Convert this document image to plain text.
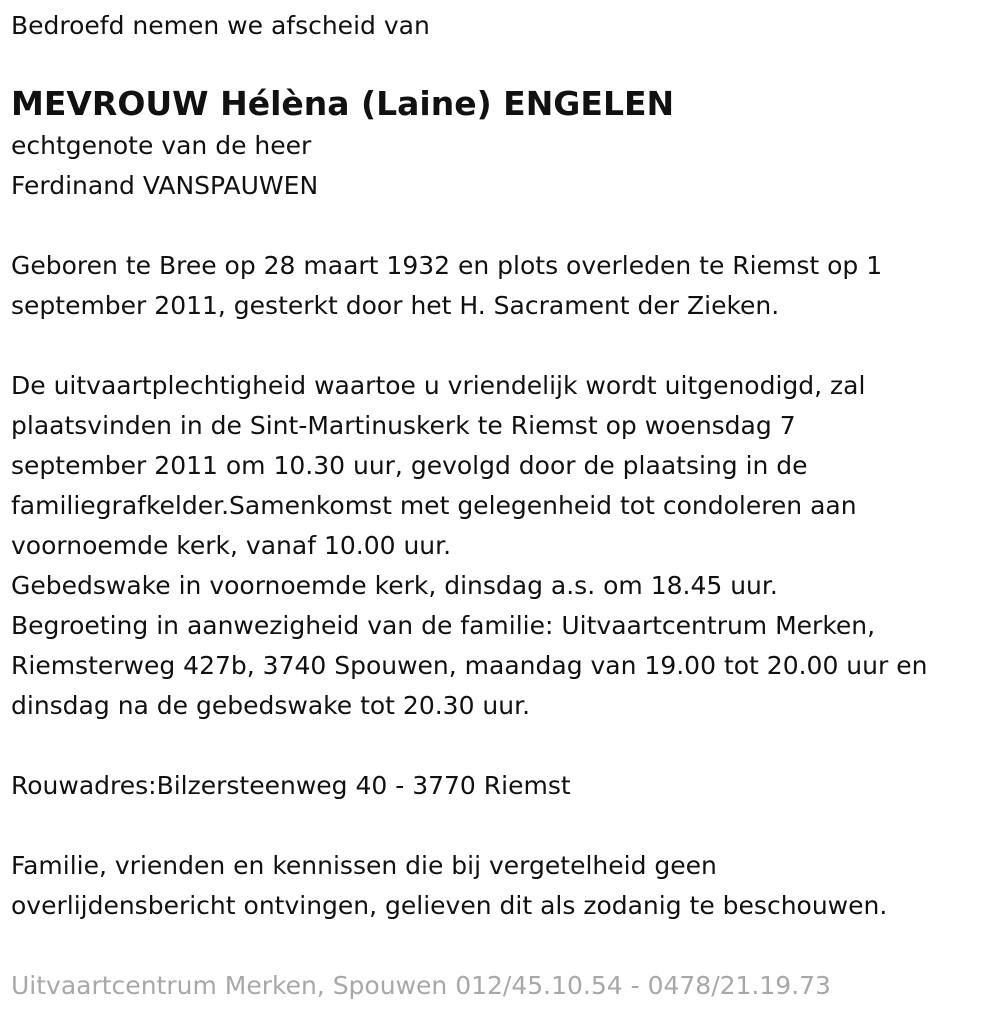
Bedroefd nemen we afscheid van

MEVROUW Hélèna (Laine) ENGELEN

echtgenote van de heer

Ferdinand VANSPAUWEN

Geboren te Bree op 28 maart 1932 en plots overleden te Riemst op 1

september 2011, gesterkt door het H. Sacrament der Zieken.

De uitvaartplechtigheid waartoe u vriendelijk wordt uitgenodigd, zal

plaatsvinden in de Sint-Martinuskerk te Riemst op woensdag 7

september 2011 om 10.30 uur, gevolgd door de plaatsing in de

familiegrafkelder.Samenkomst met gelegenheid tot condoleren aan

voornoemde kerk, vanaf 10.00 uur.

Gebedswake in voornoemde kerk, dinsdag a.s. om 18.45 uur.

Begroeting in aanwezigheid van de familie: Uitvaartcentrum Merken,

Riemsterweg 427b, 3740 Spouwen, maandag van 19.00 tot 20.00 uur en

dinsdag na de gebedswake tot 20.30 uur.

Rouwadres:Bilzersteenweg 40 - 3770 Riemst

Familie, vrienden en kennissen die bij vergetelheid geen

overlijdensbericht ontvingen, gelieven dit als zodanig te beschouwen.

Uitvaartcentrum Merken, Spouwen 012/45.10.54 - 0478/21.19.73
